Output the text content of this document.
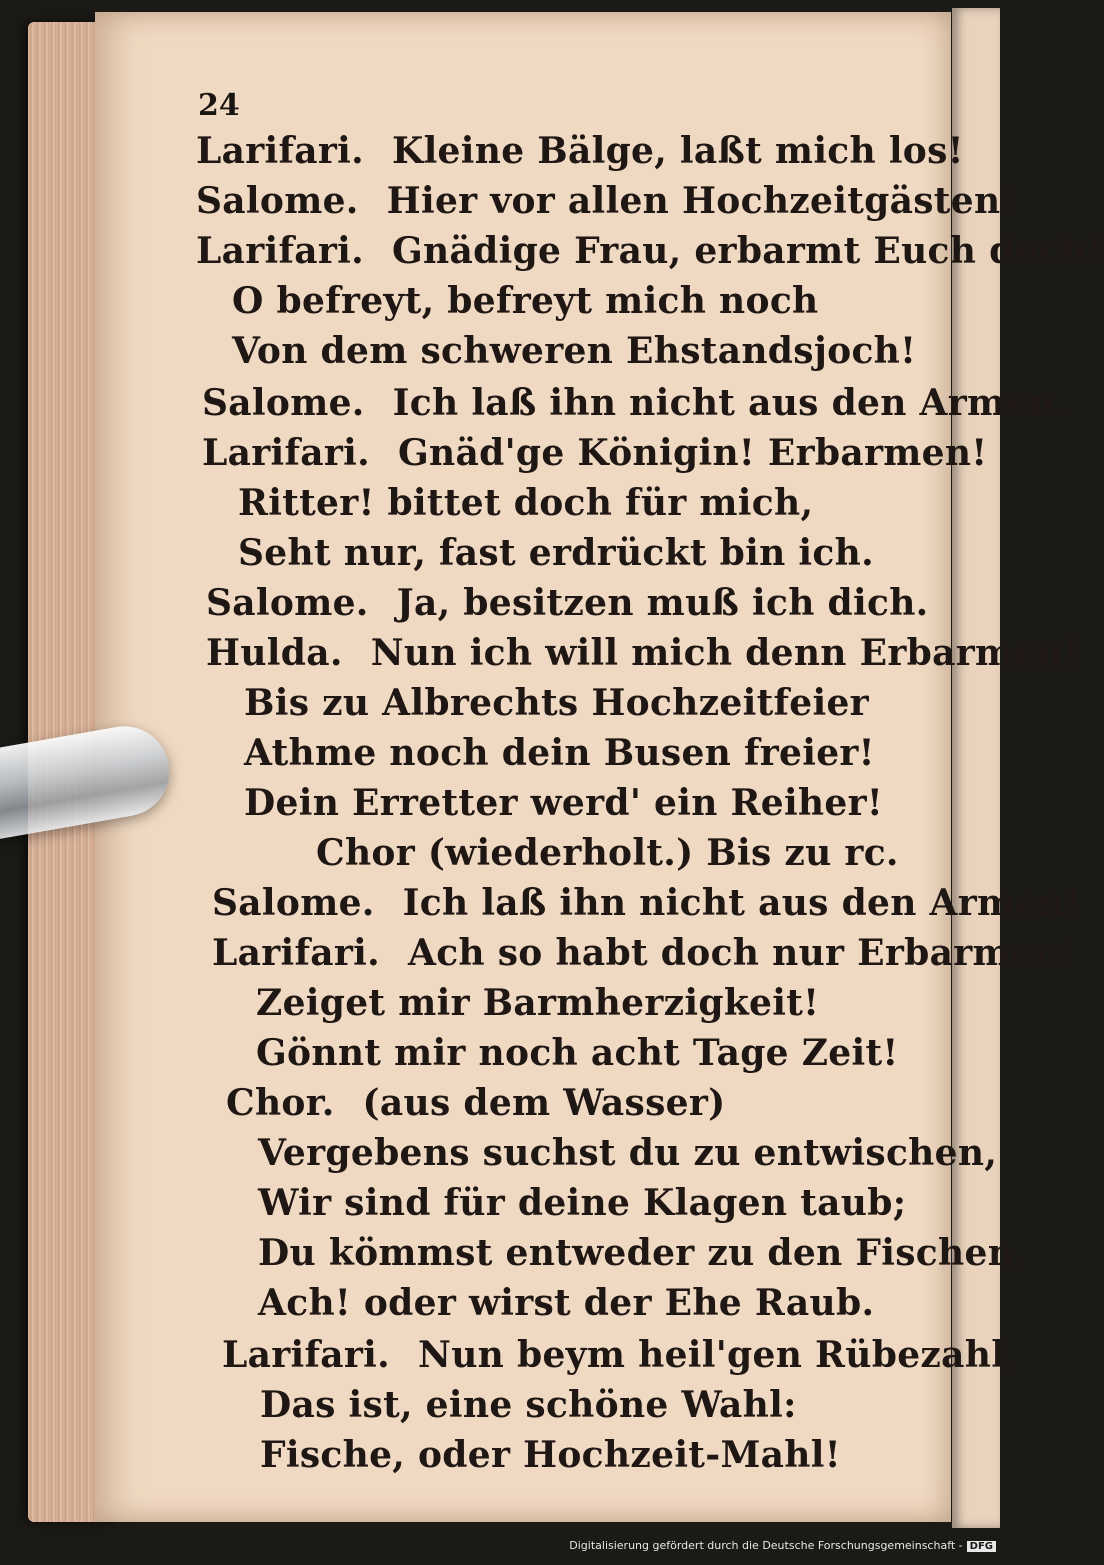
24
Larifari. Kleine Bälge, laßt mich los!
Salome. Hier vor allen Hochzeitgästen!
Larifari. Gnädige Frau, erbarmt Euch doch!
O befreyt, befreyt mich noch
Von dem schweren Ehstandsjoch!
Salome. Ich laß ihn nicht aus den Armen.
Larifari. Gnäd'ge Königin! Erbarmen!
Ritter! bittet doch für mich,
Seht nur, fast erdrückt bin ich.
Salome. Ja, besitzen muß ich dich.
Hulda. Nun ich will mich denn Erbarmen!
Bis zu Albrechts Hochzeitfeier
Athme noch dein Busen freier!
Dein Erretter werd' ein Reiher!
Chor (wiederholt.) Bis zu rc.
Salome. Ich laß ihn nicht aus den Armen!
Larifari. Ach so habt doch nur Erbarmen!
Zeiget mir Barmherzigkeit!
Gönnt mir noch acht Tage Zeit!
Chor. (aus dem Wasser)
Vergebens suchst du zu entwischen,
Wir sind für deine Klagen taub;
Du kömmst entweder zu den Fischen,
Ach! oder wirst der Ehe Raub.
Larifari. Nun beym heil'gen Rübezahl,
Das ist, eine schöne Wahl:
Fische, oder Hochzeit-Mahl!
Digitalisierung gefördert durch die Deutsche Forschungsgemeinschaft - DFG
